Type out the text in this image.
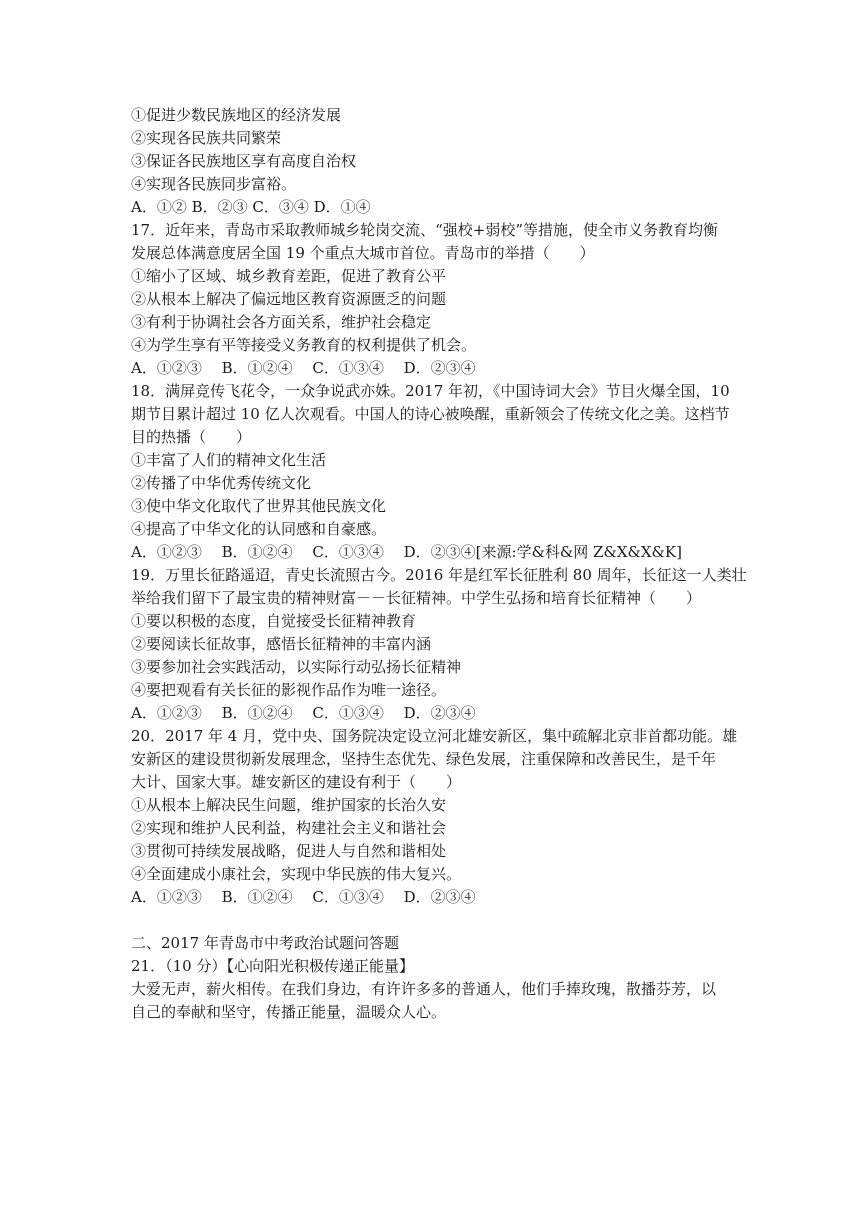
①促进少数民族地区的经济发展
②实现各民族共同繁荣
③保证各民族地区享有高度自治权
④实现各民族同步富裕。
A．①② B．②③ C．③④ D．①④
17．近年来，青岛市采取教师城乡轮岗交流、“强校+弱校”等措施，使全市义务教育均衡
发展总体满意度居全国 19 个重点大城市首位。青岛市的举措（　　）
①缩小了区域、城乡教育差距，促进了教育公平
②从根本上解决了偏远地区教育资源匮乏的问题
③有利于协调社会各方面关系，维护社会稳定
④为学生享有平等接受义务教育的权利提供了机会。
A．①②③　 B．①②④　 C．①③④　 D．②③④
18．满屏竞传飞花令，一众争说武亦姝。2017 年初，《中国诗词大会》节目火爆全国，10
期节目累计超过 10 亿人次观看。中国人的诗心被唤醒，重新领会了传统文化之美。这档节
目的热播（　　）
①丰富了人们的精神文化生活
②传播了中华优秀传统文化
③使中华文化取代了世界其他民族文化
④提高了中华文化的认同感和自豪感。
A．①②③　 B．①②④　 C．①③④　 D．②③④[来源:学&科&网 Z&X&X&K]
19．万里长征路遥迢，青史长流照古今。2016 年是红军长征胜利 80 周年，长征这一人类壮
举给我们留下了最宝贵的精神财富－－长征精神。中学生弘扬和培育长征精神（　　）
①要以积极的态度，自觉接受长征精神教育
②要阅读长征故事，感悟长征精神的丰富内涵
③要参加社会实践活动，以实际行动弘扬长征精神
④要把观看有关长征的影视作品作为唯一途径。
A．①②③　 B．①②④　 C．①③④　 D．②③④
20．2017 年 4 月，党中央、国务院决定设立河北雄安新区，集中疏解北京非首都功能。雄
安新区的建设贯彻新发展理念，坚持生态优先、绿色发展，注重保障和改善民生，是千年
大计、国家大事。雄安新区的建设有利于（　　）
①从根本上解决民生问题，维护国家的长治久安
②实现和维护人民利益，构建社会主义和谐社会
③贯彻可持续发展战略，促进人与自然和谐相处
④全面建成小康社会，实现中华民族的伟大复兴。
A．①②③　 B．①②④　 C．①③④　 D．②③④
二、2017 年青岛市中考政治试题问答题
21．（10 分）【心向阳光积极传递正能量】
大爱无声，薪火相传。在我们身边，有许许多多的普通人，他们手捧玫瑰，散播芬芳，以
自己的奉献和坚守，传播正能量，温暖众人心。
